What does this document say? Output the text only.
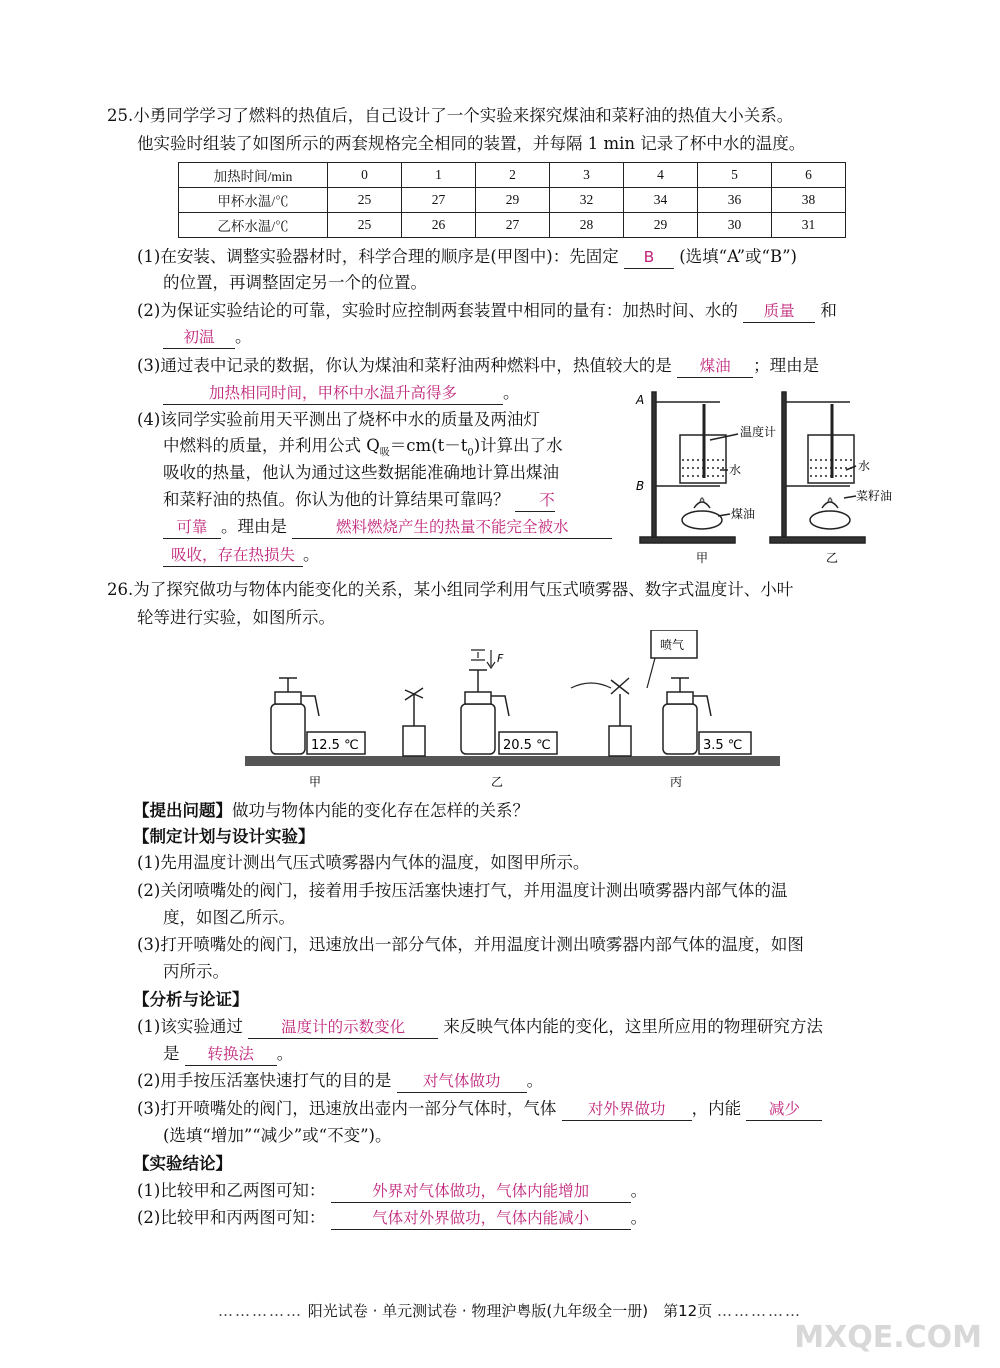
25.小勇同学学习了燃料的热值后，自己设计了一个实验来探究煤油和菜籽油的热值大小关系。
他实验时组装了如图所示的两套规格完全相同的装置，并每隔 1 min 记录了杯中水的温度。
加热时间/min	0	1	2	3	4	5	6
甲杯水温/℃	25	27	29	32	34	36	38
乙杯水温/℃	25	26	27	28	29	30	31
(1)在安装、调整实验器材时，科学合理的顺序是(甲图中)：先固定 B (选填“A”或“B”)
的位置，再调整固定另一个的位置。
(2)为保证实验结论的可靠，实验时应控制两套装置中相同的量有：加热时间、水的 质量 和
初温 。
(3)通过表中记录的数据，你认为煤油和菜籽油两种燃料中，热值较大的是 煤油 ；理由是
加热相同时间，甲杯中水温升高得多	。
(4)该同学实验前用天平测出了烧杯中水的质量及两油灯
中燃料的质量，并利用公式 $Q_吸=cm(t-t_0)$计算出了水
吸收的热量，他认为通过这些数据能准确地计算出煤油
和菜籽油的热值。你认为他的计算结果可靠吗？ 不
可靠 。理由是	燃料燃烧产生的热量不能完全被水
吸收，存在热损失 。
A
B
温度计
水
煤油
水
菜籽油
甲	乙
26.为了探究做功与物体内能变化的关系，某小组同学利用气压式喷雾器、数字式温度计、小叶
轮等进行实验，如图所示。
12.5 ℃	20.5 ℃	3.5 ℃
喷气
F
甲	乙	丙
【提出问题】做功与物体内能的变化存在怎样的关系？
【制定计划与设计实验】
(1)先用温度计测出气压式喷雾器内气体的温度，如图甲所示。
(2)关闭喷嘴处的阀门，接着用手按压活塞快速打气，并用温度计测出喷雾器内部气体的温
度，如图乙所示。
(3)打开喷嘴处的阀门，迅速放出一部分气体，并用温度计测出喷雾器内部气体的温度，如图
丙所示。
【分析与论证】
(1)该实验通过 温度计的示数变化 来反映气体内能的变化，这里所应用的物理研究方法
是 转换法 。
(2)用手按压活塞快速打气的目的是 对气体做功 。
(3)打开喷嘴处的阀门，迅速放出壶内一部分气体时，气体 对外界做功 ，内能 减少
(选填“增加”“减少”或“不变”)。
【实验结论】
(1)比较甲和乙两图可知：	外界对气体做功，气体内能增加	。
(2)比较甲和丙两图可知：	气体对外界做功，气体内能减小	。
…………… 阳光试卷 · 单元测试卷 · 物理沪粤版(九年级全一册)　第12页 ……………
MXQE.COM
